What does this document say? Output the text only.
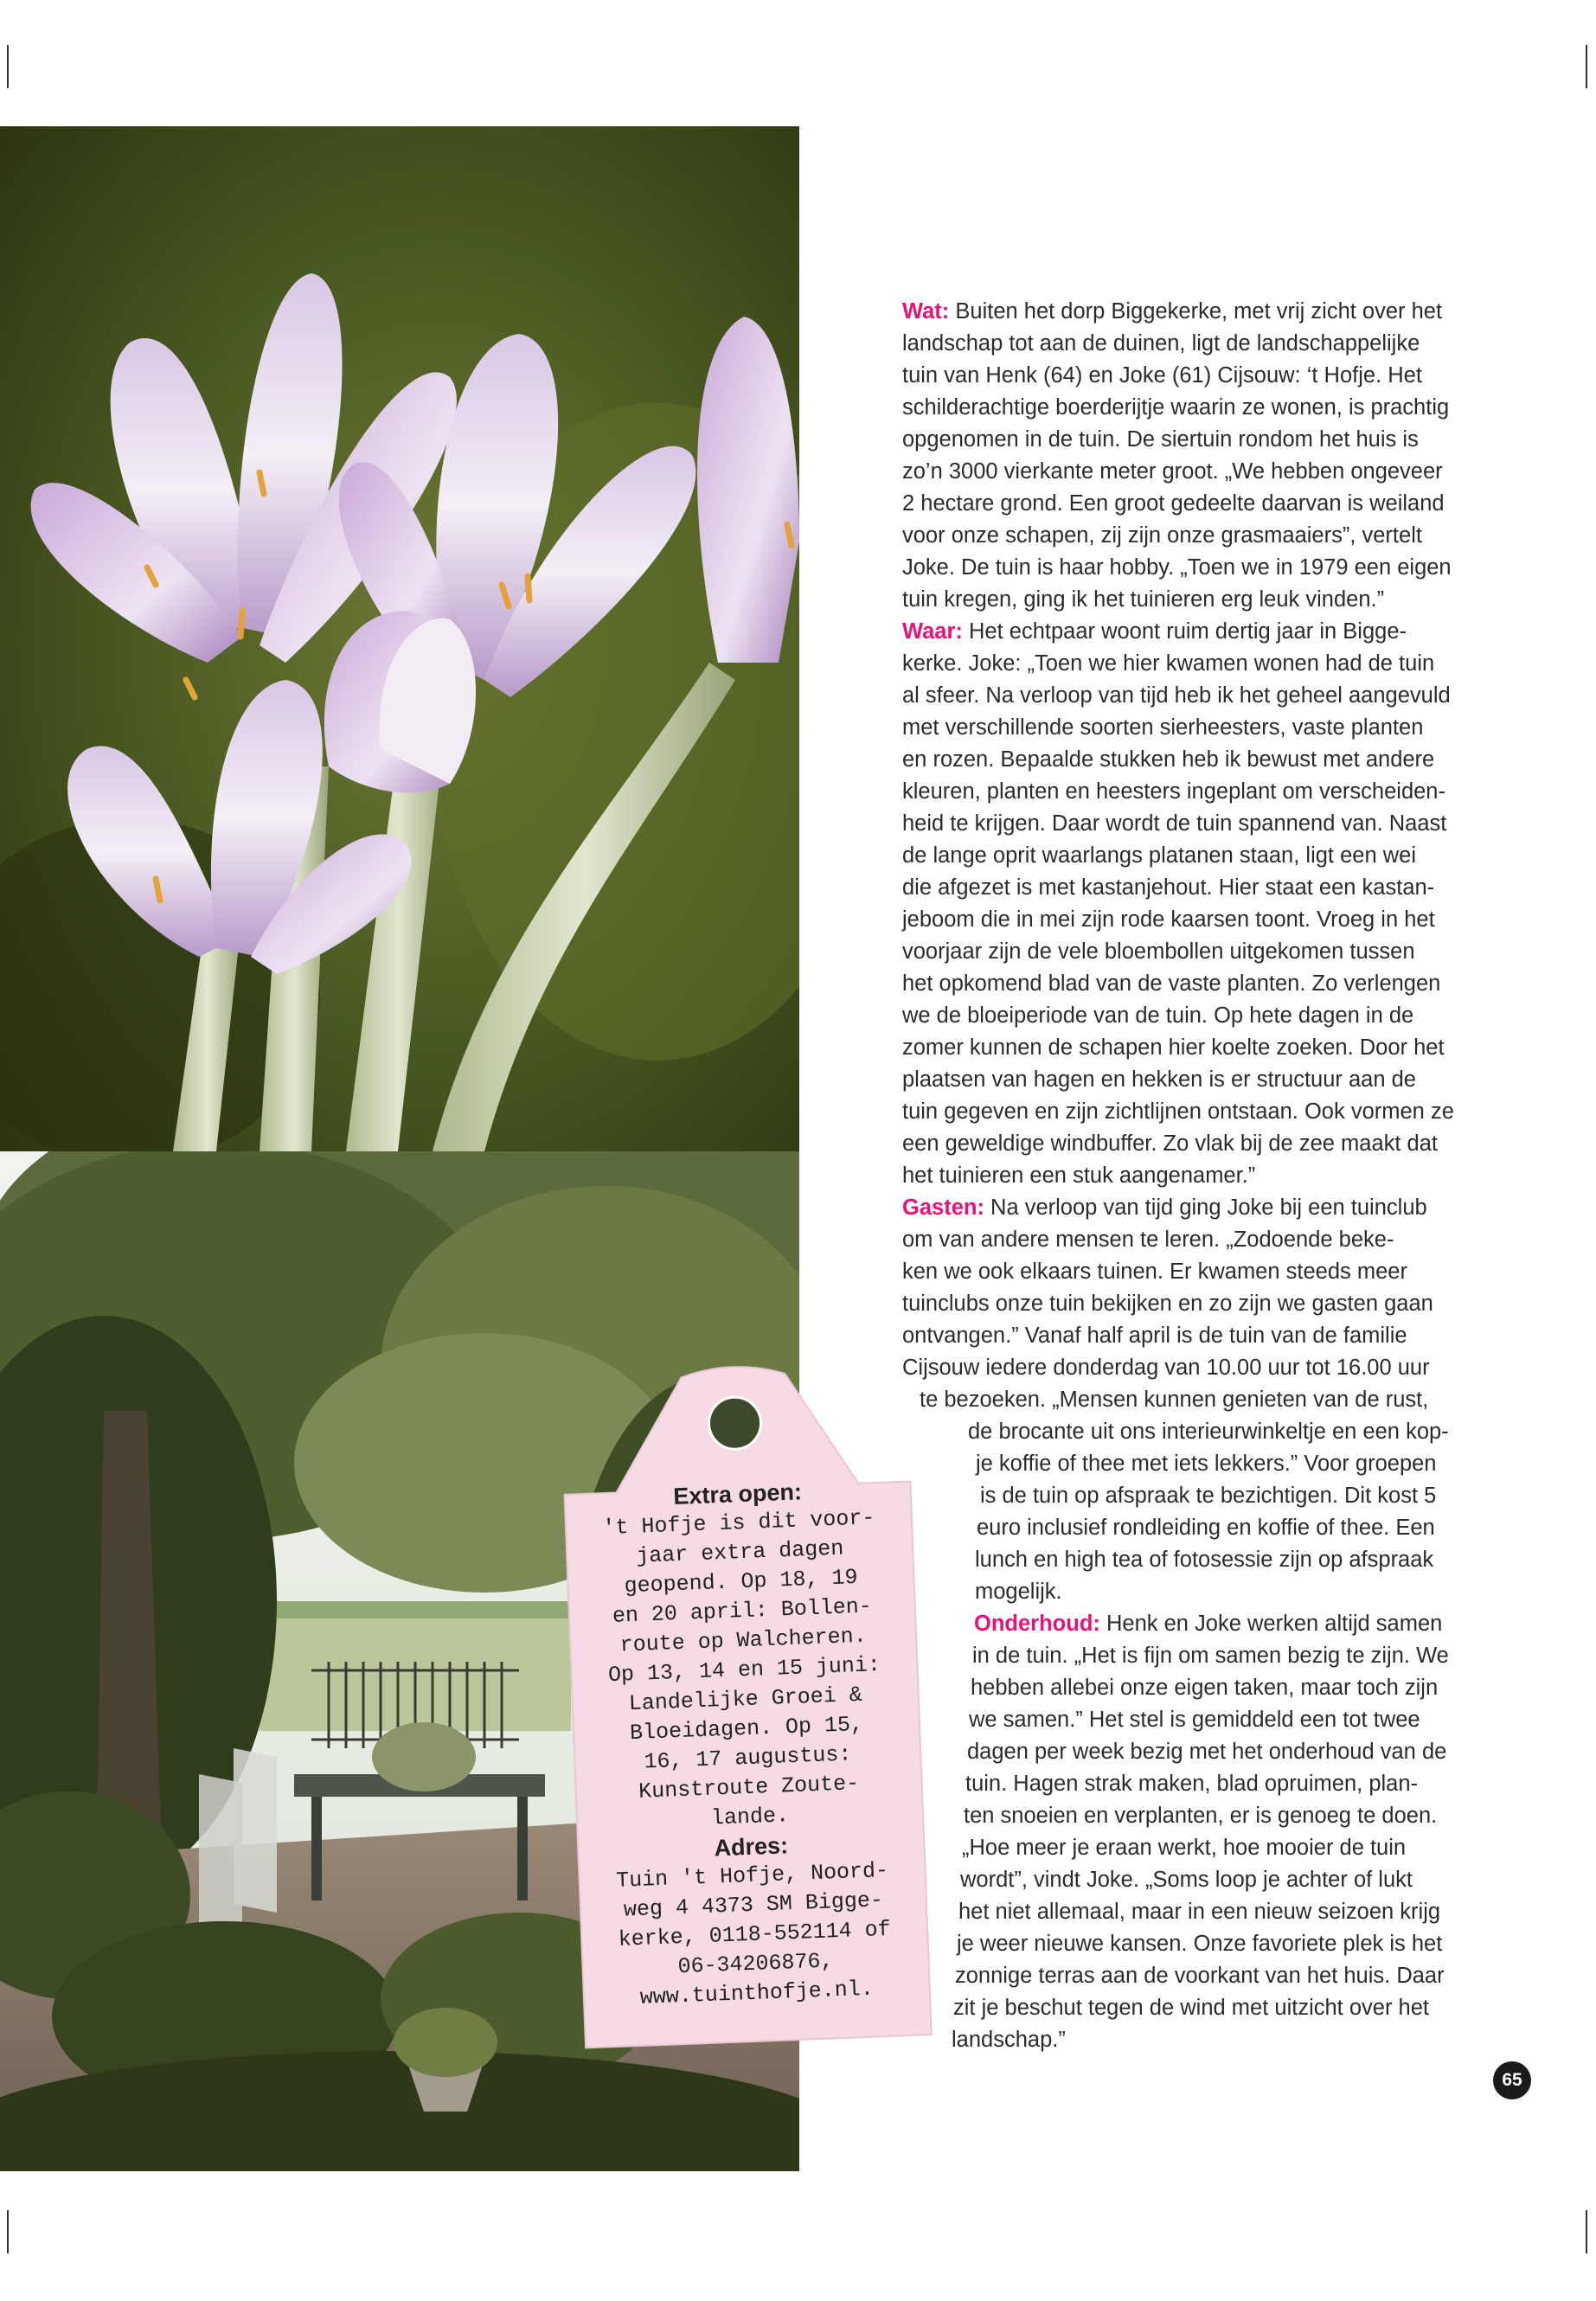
Wat: Buiten het dorp Biggekerke, met vrij zicht over het
landschap tot aan de duinen, ligt de landschappelijke
tuin van Henk (64) en Joke (61) Cijsouw: ‘t Hofje. Het
schilderachtige boerderijtje waarin ze wonen, is prachtig
opgenomen in de tuin. De siertuin rondom het huis is
zo’n 3000 vierkante meter groot. „We hebben ongeveer
2 hectare grond. Een groot gedeelte daarvan is weiland
voor onze schapen, zij zijn onze grasmaaiers”, vertelt
Joke. De tuin is haar hobby. „Toen we in 1979 een eigen
tuin kregen, ging ik het tuinieren erg leuk vinden.”

Waar: Het echtpaar woont ruim dertig jaar in Bigge-
kerke. Joke: „Toen we hier kwamen wonen had de tuin
al sfeer. Na verloop van tijd heb ik het geheel aangevuld
met verschillende soorten sierheesters, vaste planten
en rozen. Bepaalde stukken heb ik bewust met andere
kleuren, planten en heesters ingeplant om verscheiden-
heid te krijgen. Daar wordt de tuin spannend van. Naast
de lange oprit waarlangs platanen staan, ligt een wei
die afgezet is met kastanjehout. Hier staat een kastan-
jeboom die in mei zijn rode kaarsen toont. Vroeg in het
voorjaar zijn de vele bloembollen uitgekomen tussen
het opkomend blad van de vaste planten. Zo verlengen
we de bloeiperiode van de tuin. Op hete dagen in de
zomer kunnen de schapen hier koelte zoeken. Door het
plaatsen van hagen en hekken is er structuur aan de
tuin gegeven en zijn zichtlijnen ontstaan. Ook vormen ze
een geweldige windbuffer. Zo vlak bij de zee maakt dat
het tuinieren een stuk aangenamer.”

Gasten: Na verloop van tijd ging Joke bij een tuinclub
om van andere mensen te leren. „Zodoende beke-
ken we ook elkaars tuinen. Er kwamen steeds meer
tuinclubs onze tuin bekijken en zo zijn we gasten gaan
ontvangen.” Vanaf half april is de tuin van de familie
Cijsouw iedere donderdag van 10.00 uur tot 16.00 uur
te bezoeken. „Mensen kunnen genieten van de rust,
de brocante uit ons interieurwinkeltje en een kop-
je koffie of thee met iets lekkers.” Voor groepen
is de tuin op afspraak te bezichtigen. Dit kost 5
euro inclusief rondleiding en koffie of thee. Een
lunch en high tea of fotosessie zijn op afspraak
mogelijk.

Onderhoud: Henk en Joke werken altijd samen
in de tuin. „Het is fijn om samen bezig te zijn. We
hebben allebei onze eigen taken, maar toch zijn
we samen.” Het stel is gemiddeld een tot twee
dagen per week bezig met het onderhoud van de
tuin. Hagen strak maken, blad opruimen, plan-
ten snoeien en verplanten, er is genoeg te doen.
„Hoe meer je eraan werkt, hoe mooier de tuin
wordt”, vindt Joke. „Soms loop je achter of lukt
het niet allemaal, maar in een nieuw seizoen krijg
je weer nieuwe kansen. Onze favoriete plek is het
zonnige terras aan de voorkant van het huis. Daar
zit je beschut tegen de wind met uitzicht over het
landschap.”

Extra open:
't Hofje is dit voor-
jaar extra dagen
geopend. Op 18, 19
en 20 april: Bollen-
route op Walcheren.
Op 13, 14 en 15 juni:
Landelijke Groei &
Bloeidagen. Op 15,
16, 17 augustus:
Kunstroute Zoute-
lande.
Adres:
Tuin 't Hofje, Noord-
weg 4 4373 SM Bigge-
kerke, 0118-552114 of
06-34206876,
www.tuinthofje.nl.
65
